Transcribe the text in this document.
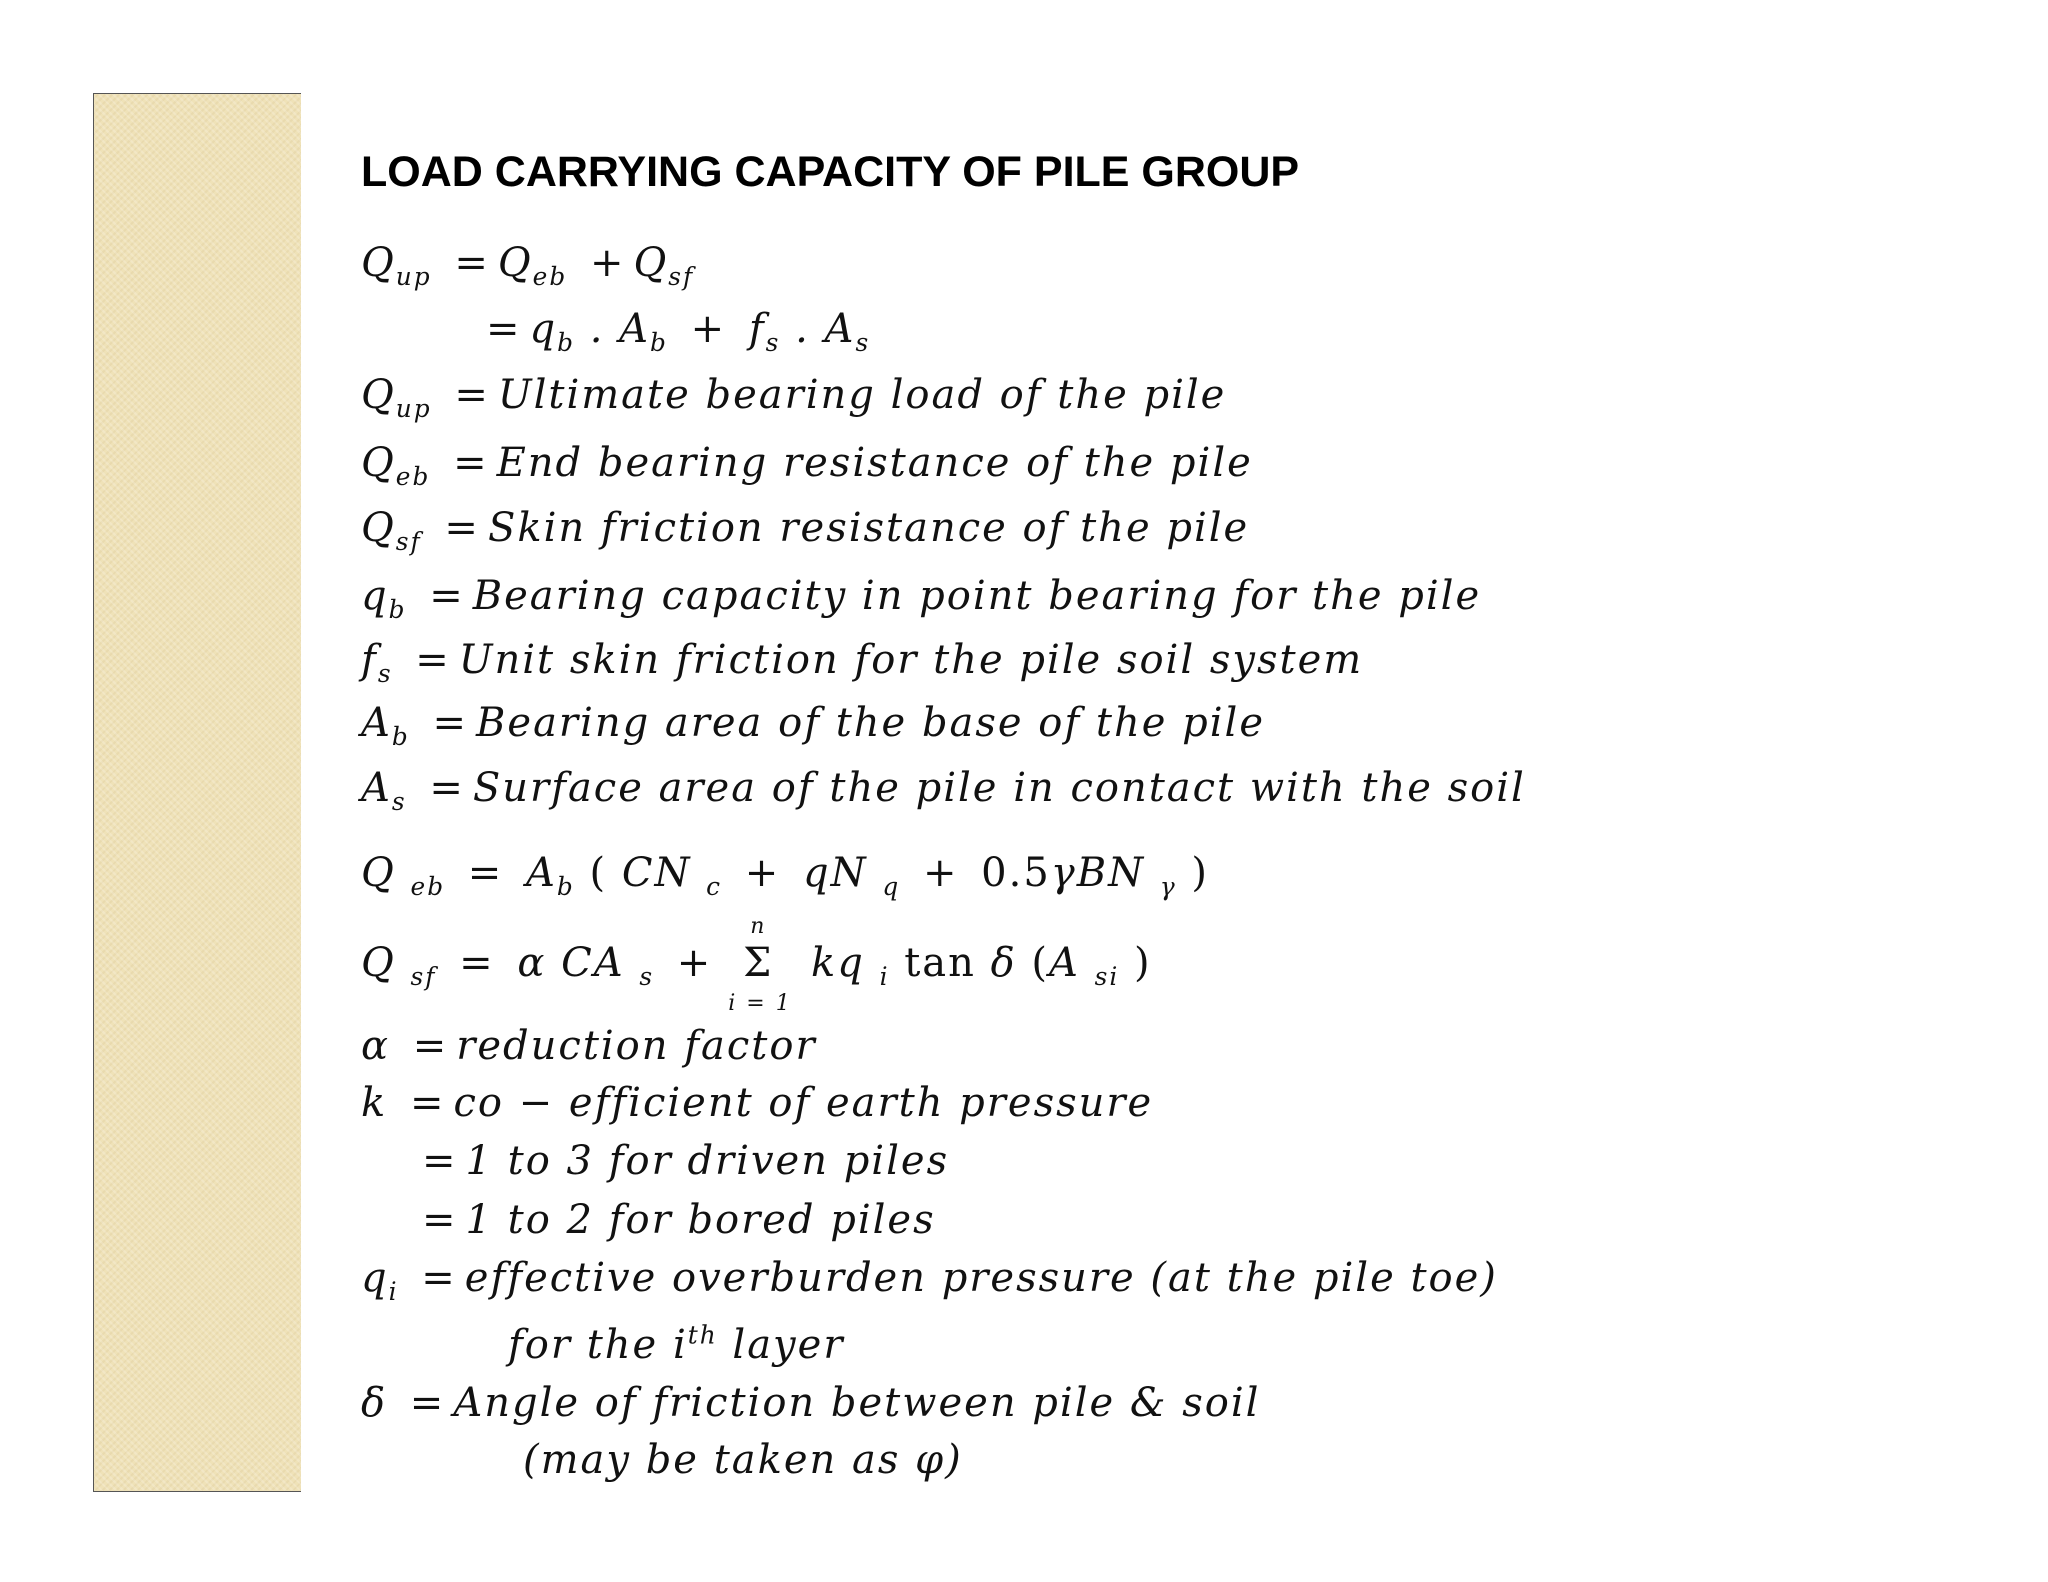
LOAD CARRYING CAPACITY OF PILE GROUP
$Q_{up} = Q_{eb} + Q_{sf}$
= $q_b$ . $A_b + f_s$ . $A_s$
$Q_{up}$ = Ultimate bearing load of the pile
$Q_{eb}$ = End bearing resistance of the pile
$Q_{sf}$ = Skin friction resistance of the pile
$q_b$ = Bearing capacity in point bearing for the pile
$f_s$ = Unit skin friction for the pile soil system
$A_b$ = Bearing area of the base of the pile
$A_s$ = Surface area of the pile in contact with the soil
Q $_{eb} = A_b$ ( CN $_c$ + qN $_q$ + 0.5γBN $_\gamma$ )
Q $_{sf}$ = α CA $_s$ +
n
Σ
i = 1
kq $_i$ tan δ (A $_{si}$ )
α = reduction factor
k = co − efficient of earth pressure
= 1 to 3 for driven piles
= 1 to 2 for bored piles
$q_i$ = effective overburden pressure (at the pile toe)
for the $i^{th}$ layer
δ = Angle of friction between pile & soil
(may be taken as φ)
